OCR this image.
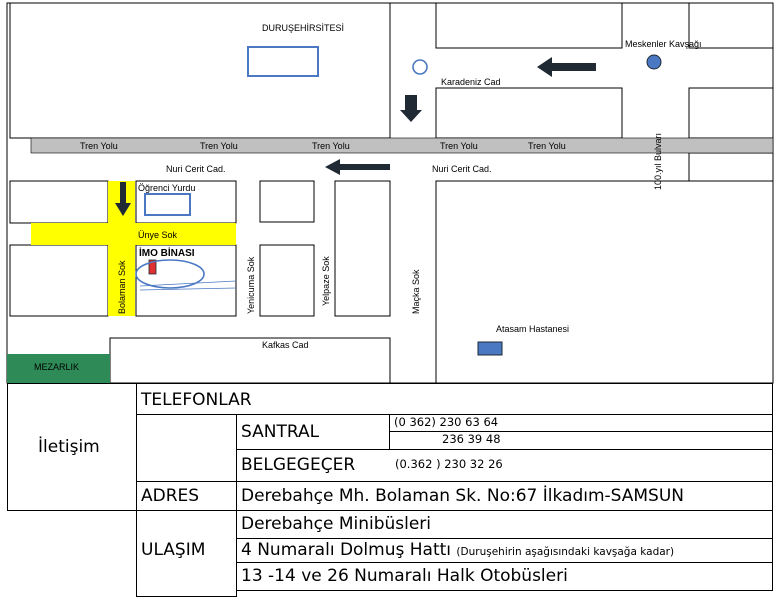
DURUŞEHİRSİTESİ
Meskenler Kavşağı
Karadeniz Cad
Tren Yolu	Tren Yolu	Tren Yolu	Tren Yolu	Tren Yolu
Nuri Cerit Cad.	Nuri Cerit Cad.	100.yıl Bulvarı
Öğrenci Yurdu
Ünye Sok
İMO BİNASI
Bolaman Sok	Yenicuma Sok	Yelpaze Sok	Maçka Sok
Atasam Hastanesi
Kafkas Cad
MEZARLIK
İletişim
TELEFONLAR
SANTRAL	(0 362) 230 63 64
236 39 48
BELGEGEÇER	(0.362 ) 230 32 26
ADRES Derebahçe Mh. Bolaman Sk. No:67 İlkadım-SAMSUN
ULAŞIM
Derebahçe Minibüsleri
4 Numaralı Dolmuş Hattı (Duruşehirin aşağısındaki kavşağa kadar)
13 -14 ve 26 Numaralı Halk Otobüsleri
